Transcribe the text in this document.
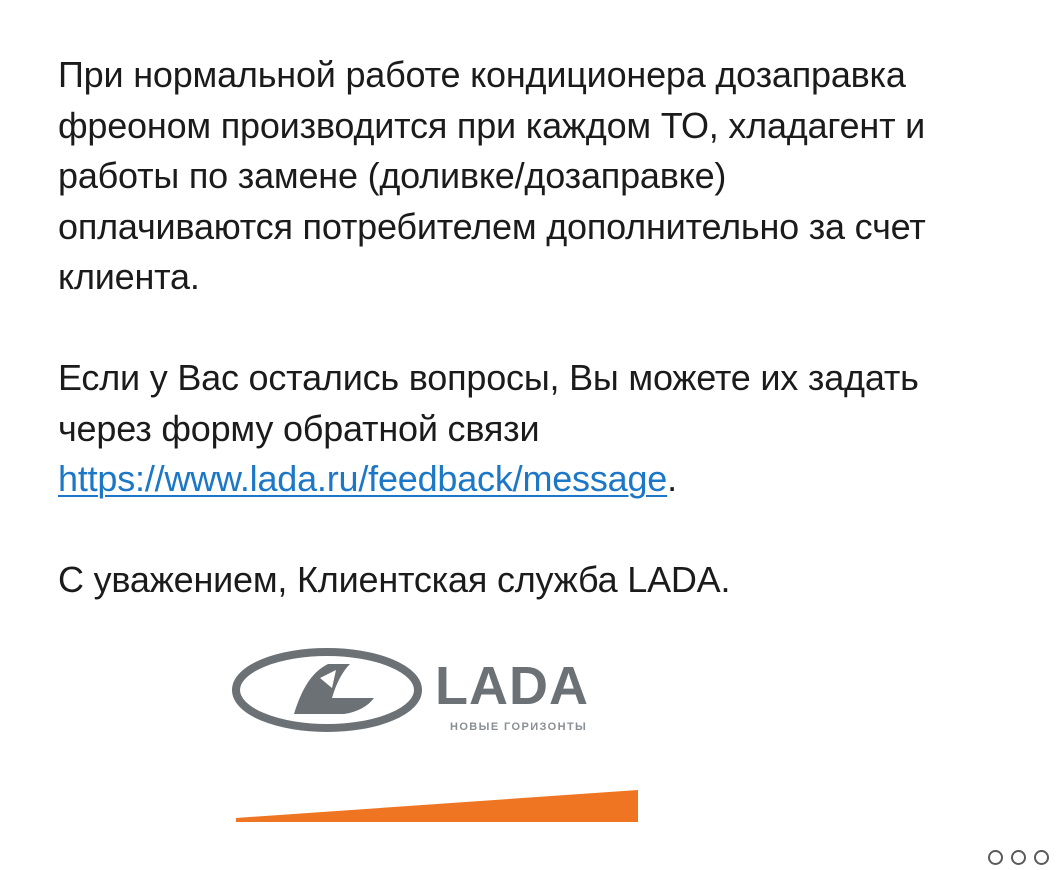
При нормальной работе кондиционера дозаправка
фреоном производится при каждом ТО, хладагент и
работы по замене (доливке/дозаправке)
оплачиваются потребителем дополнительно за счет
клиента.

Если у Вас остались вопросы, Вы можете их задать
через форму обратной связи
https://www.lada.ru/feedback/message.

С уважением, Клиентская служба LADA.

LADA
НОВЫЕ ГОРИЗОНТЫ
